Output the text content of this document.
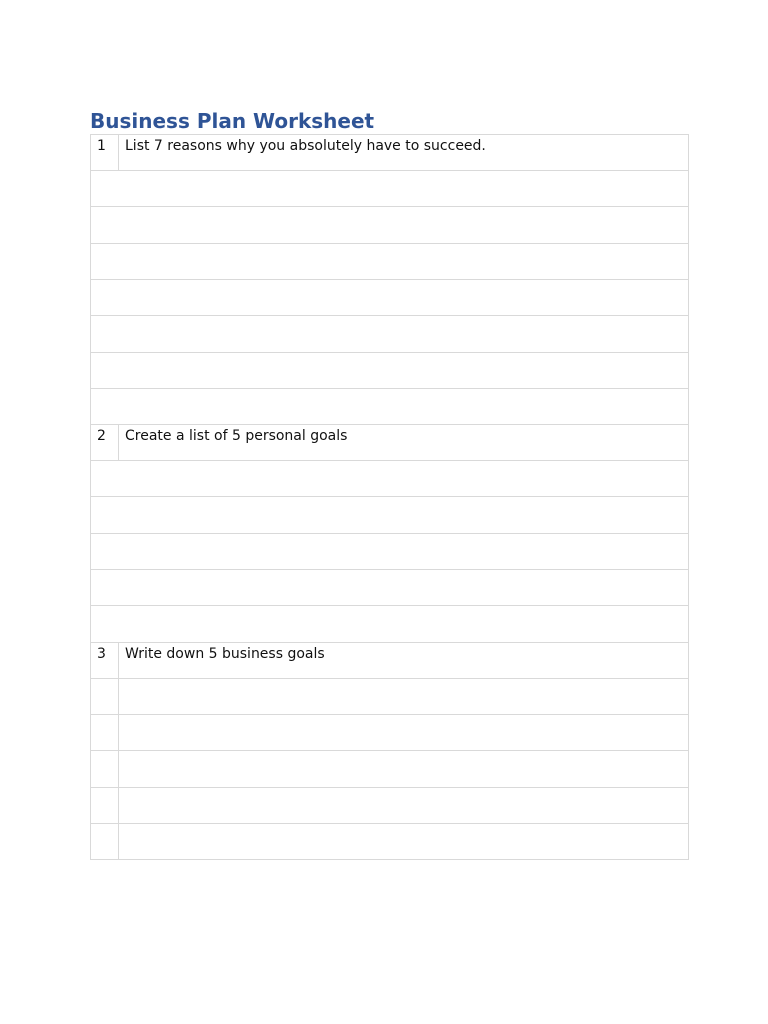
Business Plan Worksheet
1	List 7 reasons why you absolutely have to succeed.

2	Create a list of 5 personal goals

3	Write down 5 business goals
